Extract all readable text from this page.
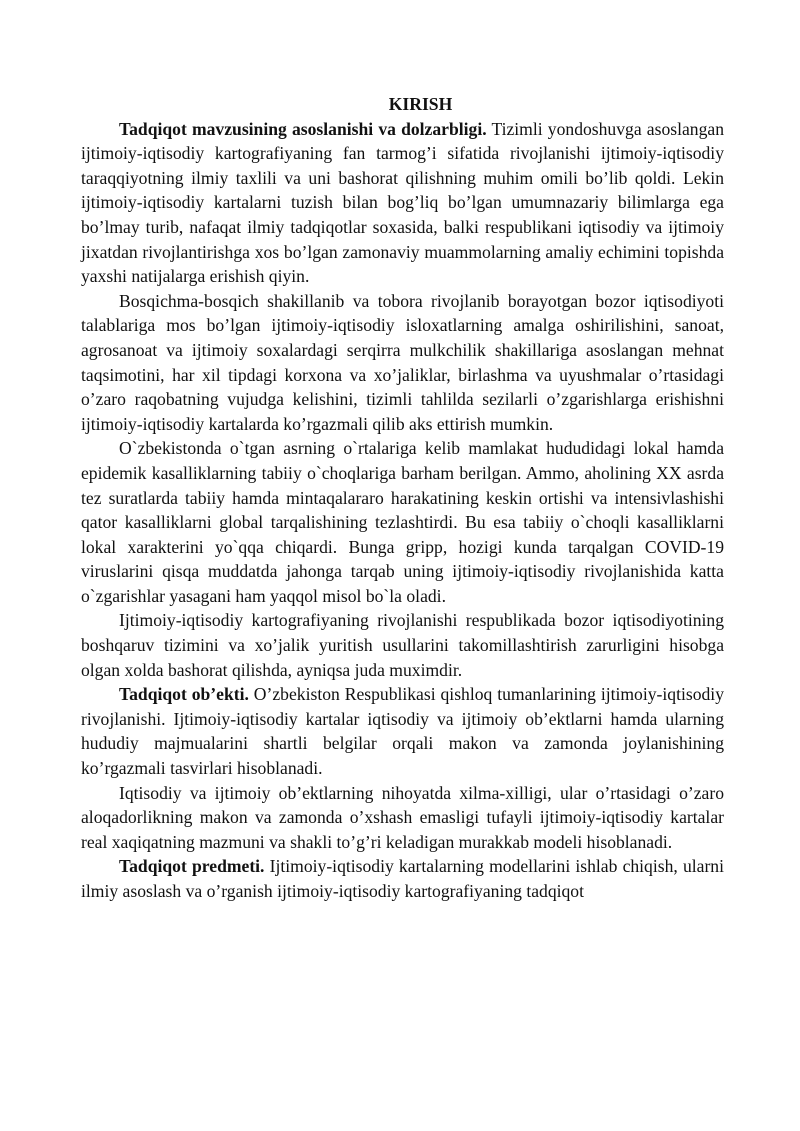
KIRISH

Tadqiqot mavzusining asoslanishi va dolzarbligi. Tizimli yondoshuvga asoslangan ijtimoiy-iqtisodiy kartografiyaning fan tarmog’i sifatida rivojlanishi ijtimoiy-iqtisodiy taraqqiyotning ilmiy taxlili va uni bashorat qilishning muhim omili bo’lib qoldi. Lekin ijtimoiy-iqtisodiy kartalarni tuzish bilan bog’liq bo’lgan umumnazariy bilimlarga ega bo’lmay turib, nafaqat ilmiy tadqiqotlar soxasida, balki respublikani iqtisodiy va ijtimoiy jixatdan rivojlantirishga xos bo’lgan zamonaviy muammolarning amaliy echimini topishda yaxshi natijalarga erishish qiyin.

Bosqichma-bosqich shakillanib va tobora rivojlanib borayotgan bozor iqtisodiyoti talablariga mos bo’lgan ijtimoiy-iqtisodiy isloxatlarning amalga oshirilishini, sanoat, agrosanoat va ijtimoiy soxalardagi serqirra mulkchilik shakillariga asoslangan mehnat taqsimotini, har xil tipdagi korxona va xo’jaliklar, birlashma va uyushmalar o’rtasidagi o’zaro raqobatning vujudga kelishini, tizimli tahlilda sezilarli o’zgarishlarga erishishni ijtimoiy-iqtisodiy kartalarda ko’rgazmali qilib aks ettirish mumkin.

O`zbekistonda o`tgan asrning o`rtalariga kelib mamlakat hududidagi lokal hamda epidemik kasalliklarning tabiiy o`choqlariga barham berilgan. Ammo, aholining XX asrda tez suratlarda tabiiy hamda mintaqalararo harakatining keskin ortishi va intensivlashishi qator kasalliklarni global tarqalishining tezlashtirdi. Bu esa tabiiy o`choqli kasalliklarni lokal xarakterini yo`qqa chiqardi. Bunga gripp, hozigi kunda tarqalgan COVID-19 viruslarini qisqa muddatda jahonga tarqab uning ijtimoiy-iqtisodiy rivojlanishida katta o`zgarishlar yasagani ham yaqqol misol bo`la oladi.

Ijtimoiy-iqtisodiy kartografiyaning rivojlanishi respublikada bozor iqtisodiyotining boshqaruv tizimini va xo’jalik yuritish usullarini takomillashtirish zarurligini hisobga olgan xolda bashorat qilishda, ayniqsa juda muximdir.

Tadqiqot ob’ekti. O’zbekiston Respublikasi qishloq tumanlarining ijtimoiy-iqtisodiy rivojlanishi. Ijtimoiy-iqtisodiy kartalar iqtisodiy va ijtimoiy ob’ektlarni hamda ularning hududiy majmualarini shartli belgilar orqali makon va zamonda joylanishining ko’rgazmali tasvirlari hisoblanadi.

Iqtisodiy va ijtimoiy ob’ektlarning nihoyatda xilma-xilligi, ular o’rtasidagi o’zaro aloqadorlikning makon va zamonda o’xshash emasligi tufayli ijtimoiy-iqtisodiy kartalar real xaqiqatning mazmuni va shakli to’g’ri keladigan murakkab modeli hisoblanadi.

Tadqiqot predmeti. Ijtimoiy-iqtisodiy kartalarning modellarini ishlab chiqish, ularni ilmiy asoslash va o’rganish ijtimoiy-iqtisodiy kartografiyaning tadqiqot
